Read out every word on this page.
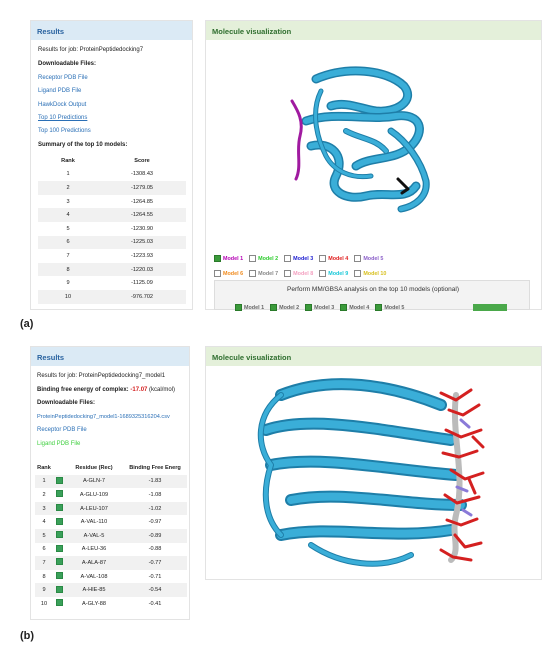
Results
Results for job: ProteinPeptidedocking7
Downloadable Files:
Receptor PDB File
Ligand PDB File
HawkDock Output
Top 10 Predictions
Top 100 Predictions
Summary of the top 10 models:
Rank	Score
1	-1308.43
2	-1279.05
3	-1264.85
4	-1264.55
5	-1230.90
6	-1225.03
7	-1223.93
8	-1220.03
9	-1125.09
10	-976.702
Molecule visualization
Model 1	Model 2	Model 3	Model 4	Model 5
Model 6	Model 7	Model 8	Model 9	Model 10
Perform MM/GBSA analysis on the top 10 models (optional)
Model 1	Model 2	Model 3	Model 4	Model 5
(a)
Results
Results for job: ProteinPeptidedocking7_model1
Binding free energy of complex: -17.07 (kcal/mol)
Downloadable Files:
ProteinPeptidedocking7_model1-1689325316204.csv
Receptor PDB File
Ligand PDB File
Rank		Residue (Rec)	Binding Free Energ
1		A-GLN-7	-1.83
2		A-GLU-109	-1.08
3		A-LEU-107	-1.02
4		A-VAL-110	-0.97
5		A-VAL-5	-0.89
6		A-LEU-36	-0.88
7		A-ALA-87	-0.77
8		A-VAL-108	-0.71
9		A-HIE-85	-0.54
10		A-GLY-88	-0.41
Molecule visualization
(b)
